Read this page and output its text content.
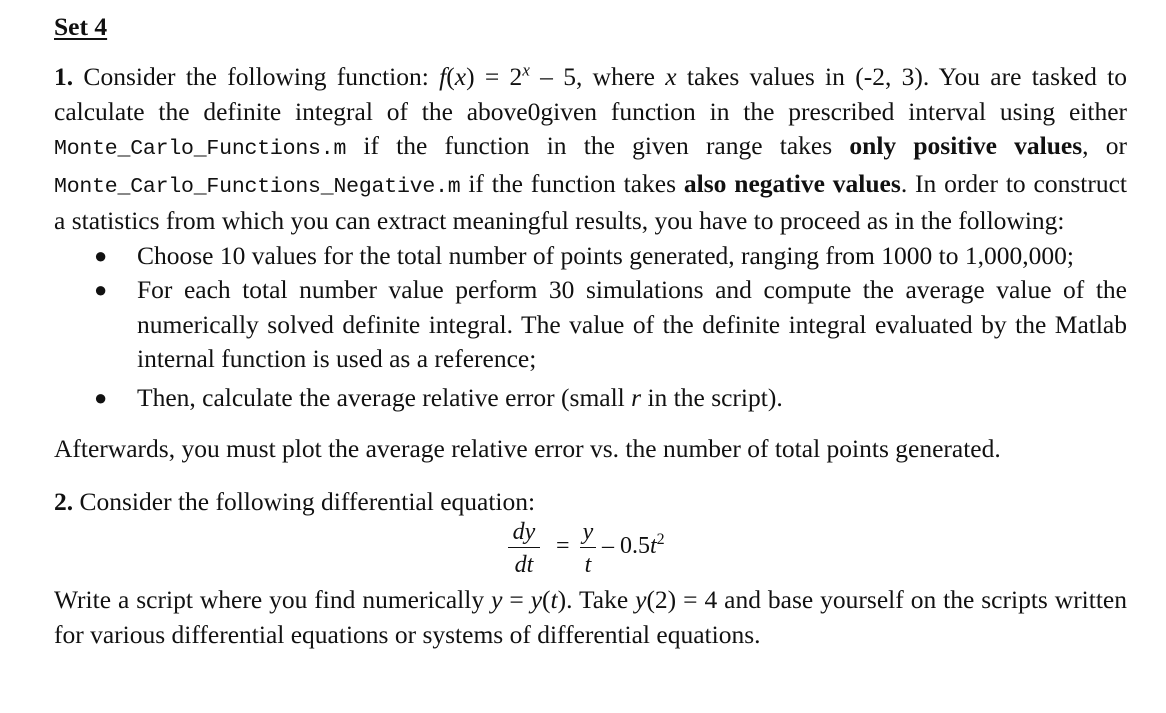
Set 4

1. Consider the following function: $f(x) = 2^x - 5$, where x takes values in (-2, 3). You are tasked to calculate the definite integral of the above0given function in the prescribed interval using either Monte_Carlo_Functions.m if the function in the given range takes only positive values, or Monte_Carlo_Functions_Negative.m if the function takes also negative values. In order to construct a statistics from which you can extract meaningful results, you have to proceed as in the following:

● Choose 10 values for the total number of points generated, ranging from 1000 to 1,000,000;
● For each total number value perform 30 simulations and compute the average value of the numerically solved definite integral. The value of the definite integral evaluated by the Matlab internal function is used as a reference;
● Then, calculate the average relative error (small r in the script).

Afterwards, you must plot the average relative error vs. the number of total points generated.

2. Consider the following differential equation:

dy
dt
=
y
t
– $0.5t^2$

Write a script where you find numerically y = y(t). Take y(2) = 4 and base yourself on the scripts written for various differential equations or systems of differential equations.
